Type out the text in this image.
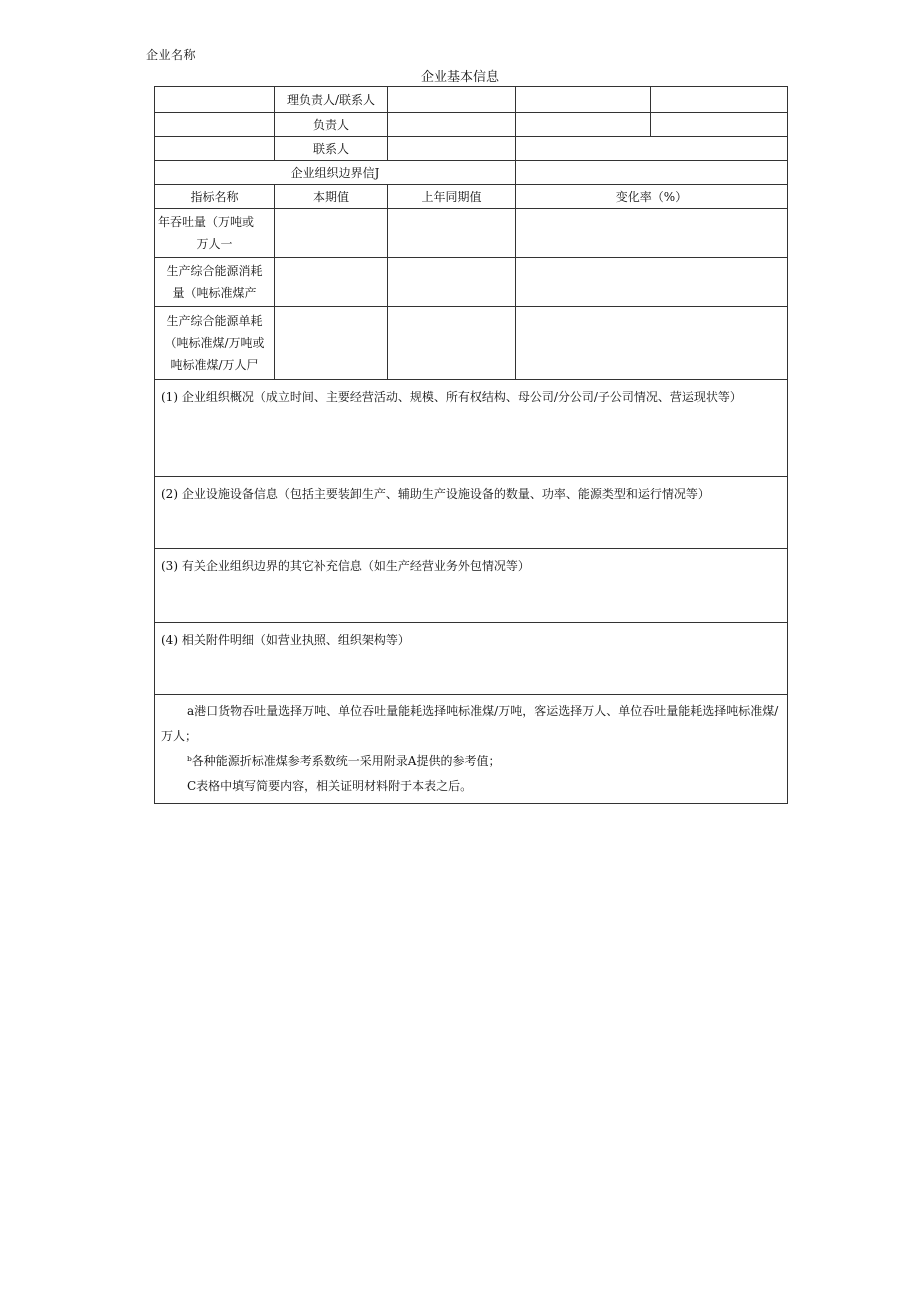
企业名称
企业基本信息
	理负责人/联系人			
	负责人			
	联系人			
企业组织边界信J				
指标名称	本期值	上年同期值	变化率（%）	

年吞吐量（万吨或
万人一				

生产综合能源消耗
量（吨标准煤产				

生产综合能源单耗
（吨标准煤/万吨或
吨标准煤/万人尸				

(1) 企业组织概况（成立时间、主要经营活动、规模、所有权结构、母公司/分公司/子公司情况、营运现状等）				
(2) 企业设施设备信息（包括主要装卸生产、辅助生产设施设备的数量、功率、能源类型和运行情况等）				
(3) 有关企业组织边界的其它补充信息（如生产经营业务外包情况等）				
(4) 相关附件明细（如营业执照、组织架构等）				

a港口货物吞吐量选择万吨、单位吞吐量能耗选择吨标准煤/万吨，客运选择万人、单位吞吐量能耗选择吨标准煤/万人；
ᵇ各种能源折标准煤参考系数统一采用附录A提供的参考值；
C表格中填写简要内容，相关证明材料附于本表之后。				
